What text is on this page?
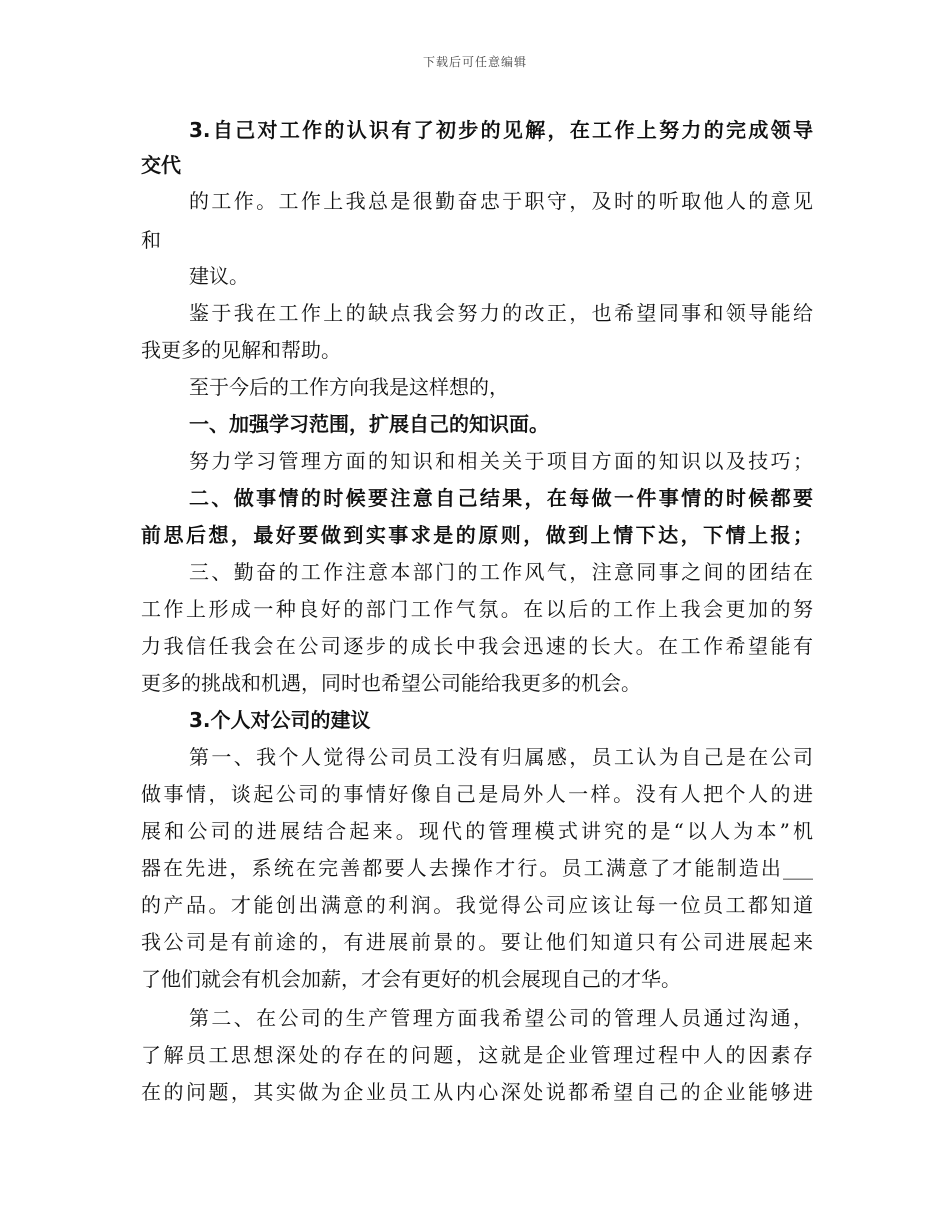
下载后可任意编辑
3.自己对工作的认识有了初步的见解，在工作上努力的完成领导
交代
的工作。工作上我总是很勤奋忠于职守，及时的听取他人的意见
和
建议。
鉴于我在工作上的缺点我会努力的改正，也希望同事和领导能给
我更多的见解和帮助。
至于今后的工作方向我是这样想的，
一、加强学习范围，扩展自己的知识面。
努力学习管理方面的知识和相关关于项目方面的知识以及技巧；
二、做事情的时候要注意自己结果，在每做一件事情的时候都要
前思后想，最好要做到实事求是的原则，做到上情下达，下情上报；
三、勤奋的工作注意本部门的工作风气，注意同事之间的团结在
工作上形成一种良好的部门工作气氛。在以后的工作上我会更加的努
力我信任我会在公司逐步的成长中我会迅速的长大。在工作希望能有
更多的挑战和机遇，同时也希望公司能给我更多的机会。
3.个人对公司的建议
第一、我个人觉得公司员工没有归属感，员工认为自己是在公司
做事情，谈起公司的事情好像自己是局外人一样。没有人把个人的进
展和公司的进展结合起来。现代的管理模式讲究的是“以人为本”机
器在先进，系统在完善都要人去操作才行。员工满意了才能制造出___
的产品。才能创出满意的利润。我觉得公司应该让每一位员工都知道
我公司是有前途的，有进展前景的。要让他们知道只有公司进展起来
了他们就会有机会加薪，才会有更好的机会展现自己的才华。
第二、在公司的生产管理方面我希望公司的管理人员通过沟通，
了解员工思想深处的存在的问题，这就是企业管理过程中人的因素存
在的问题，其实做为企业员工从内心深处说都希望自己的企业能够进
